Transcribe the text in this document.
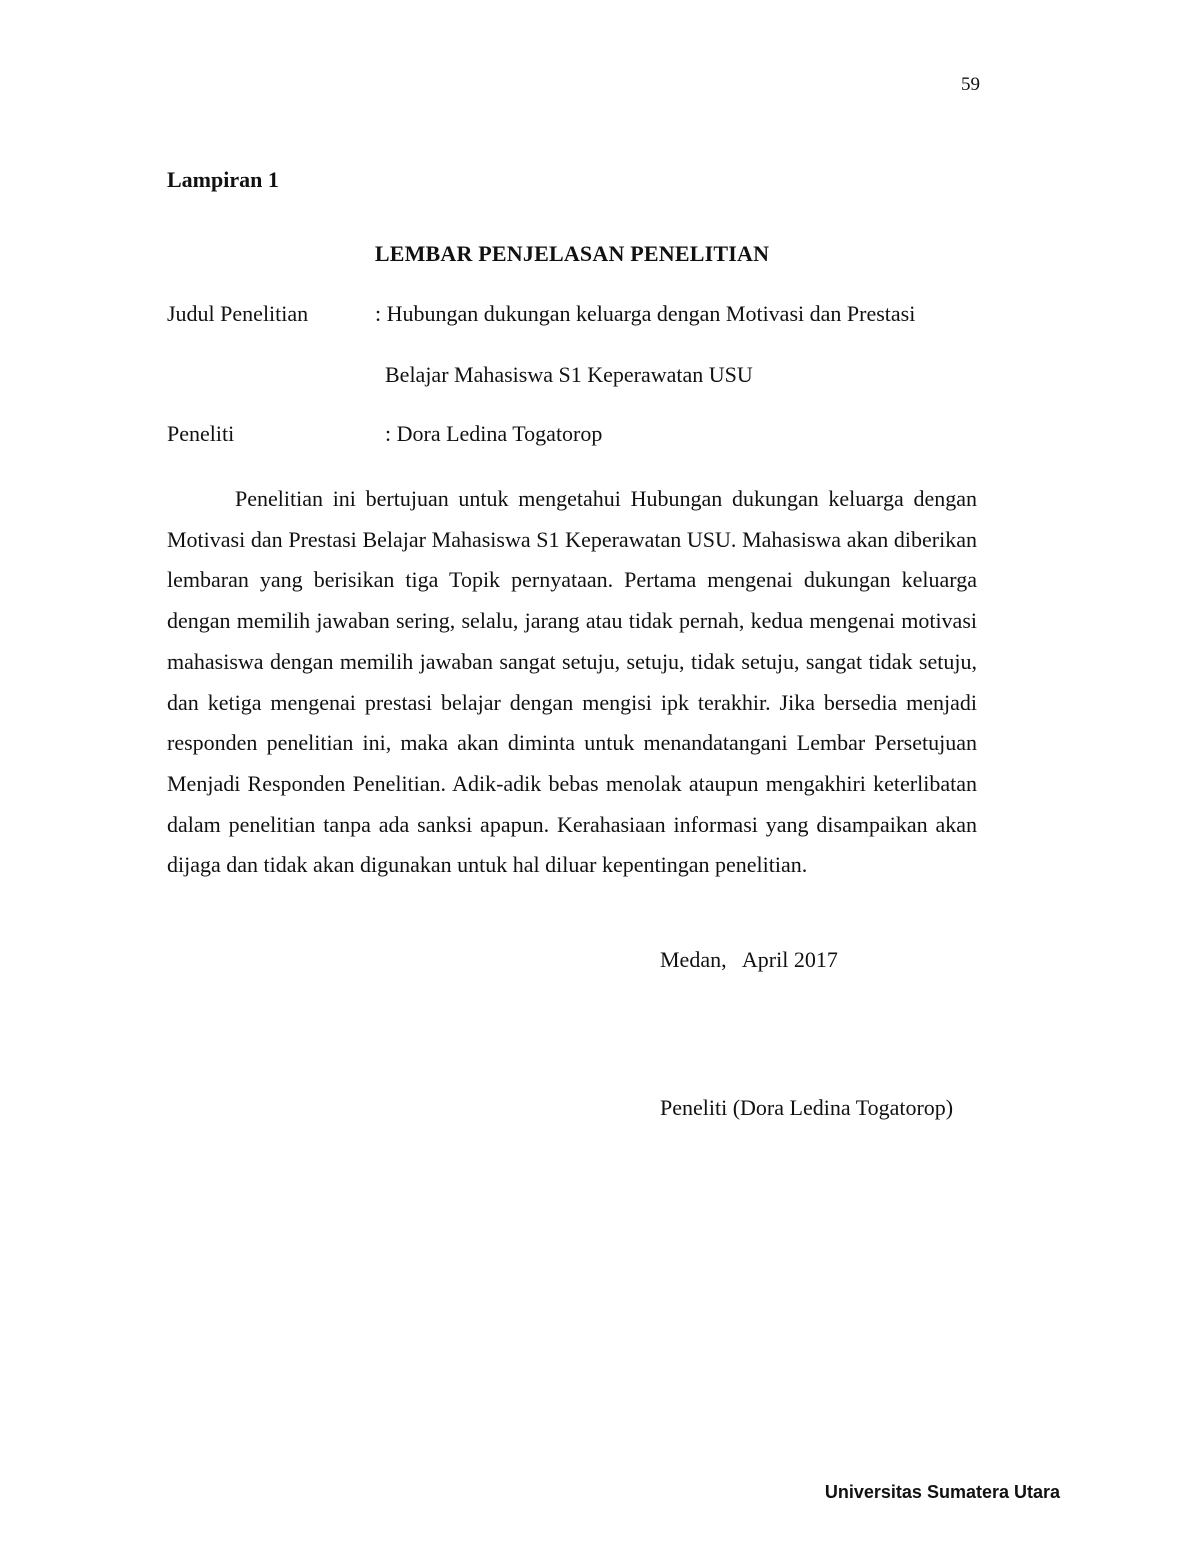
59
Lampiran 1
LEMBAR PENJELASAN PENELITIAN
Judul Penelitian	: Hubungan dukungan keluarga dengan Motivasi dan Prestasi
Belajar Mahasiswa S1 Keperawatan USU
Peneliti	: Dora Ledina Togatorop

Penelitian ini bertujuan untuk mengetahui Hubungan dukungan keluarga dengan Motivasi dan Prestasi Belajar Mahasiswa S1 Keperawatan USU. Mahasiswa akan diberikan lembaran yang berisikan tiga Topik pernyataan. Pertama mengenai dukungan keluarga dengan memilih jawaban sering, selalu, jarang atau tidak pernah, kedua mengenai motivasi mahasiswa dengan memilih jawaban sangat setuju, setuju, tidak setuju, sangat tidak setuju, dan ketiga mengenai prestasi belajar dengan mengisi ipk terakhir. Jika bersedia menjadi responden penelitian ini, maka akan diminta untuk menandatangani Lembar Persetujuan Menjadi Responden Penelitian. Adik-adik bebas menolak ataupun mengakhiri keterlibatan dalam penelitian tanpa ada sanksi apapun. Kerahasiaan informasi yang disampaikan akan dijaga dan tidak akan digunakan untuk hal diluar kepentingan penelitian.

Medan,   April 2017
Peneliti (Dora Ledina Togatorop)
Universitas Sumatera Utara
